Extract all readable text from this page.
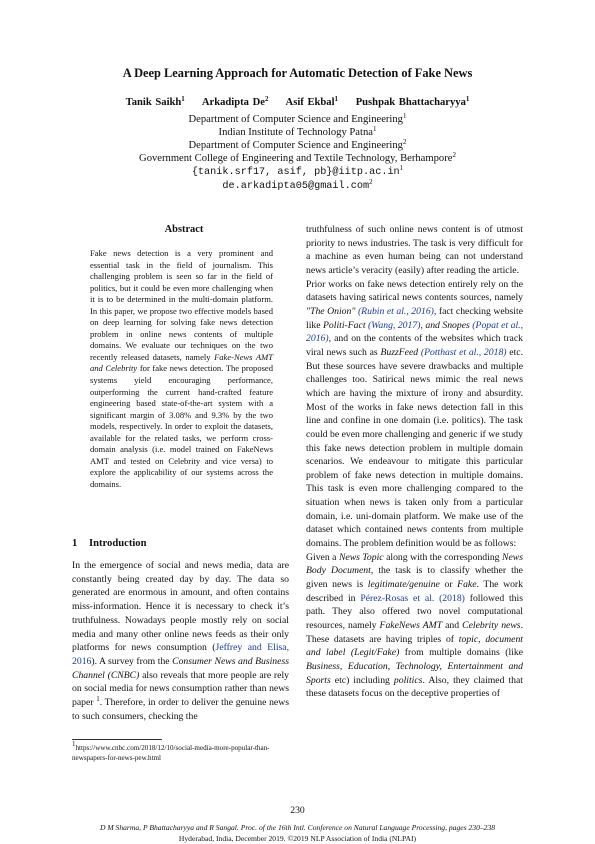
A Deep Learning Approach for Automatic Detection of Fake News
Tanik Saikh$^1$ Arkadipta De$^2$ Asif Ekbal$^1$ Pushpak Bhattacharyya$^1$
Department of Computer Science and Engineering$^1$
Indian Institute of Technology Patna$^1$
Department of Computer Science and Engineering$^2$
Government College of Engineering and Textile Technology, Berhampore$^2$
{tanik.srf17, asif, $pb\}@iitp.ac.in^1$
de.arkadipta05@gmail.com$^2$
Abstract
Fake news detection is a very prominent and essential task in the field of journalism. This challenging problem is seen so far in the field of politics, but it could be even more challenging when it is to be determined in the multi-domain platform. In this paper, we propose two effective models based on deep learning for solving fake news detection problem in online news contents of multiple domains. We evaluate our techniques on the two recently released datasets, namely Fake-News AMT and Celebrity for fake news detection. The proposed systems yield encouraging performance, outperforming the current hand-crafted feature engineering based state-of-the-art system with a significant margin of 3.08% and 9.3% by the two models, respectively. In order to exploit the datasets, available for the related tasks, we perform cross-domain analysis (i.e. model trained on FakeNews AMT and tested on Celebrity and vice versa) to explore the applicability of our systems across the domains.
1 Introduction
In the emergence of social and news media, data are constantly being created day by day. The data so generated are enormous in amount, and often contains miss-information. Hence it is necessary to check it’s truthfulness. Nowadays people mostly rely on social media and many other online news feeds as their only platforms for news consumption (Jeffrey and Elisa, 2016). A survey from the Consumer News and Business Channel (CNBC) also reveals that more people are rely on social media for news consumption rather than news paper $^1$. Therefore, in order to deliver the genuine news to such consumers, checking the
$^1$https://www.cnbc.com/2018/12/10/social-media-more-popular-than-newspapers-for-news-pew.html

truthfulness of such online news content is of utmost priority to news industries. The task is very difficult for a machine as even human being can not understand news article’s veracity (easily) after reading the article.

Prior works on fake news detection entirely rely on the datasets having satirical news contents sources, namely "The Onion" (Rubin et al., 2016), fact checking website like Politi-Fact (Wang, 2017), and Snopes (Popat et al., 2016), and on the contents of the websites which track viral news such as BuzzFeed (Potthast et al., 2018) etc. But these sources have severe drawbacks and multiple challenges too. Satirical news mimic the real news which are having the mixture of irony and absurdity. Most of the works in fake news detection fall in this line and confine in one domain (i.e. politics). The task could be even more challenging and generic if we study this fake news detection problem in multiple domain scenarios. We endeavour to mitigate this particular problem of fake news detection in multiple domains. This task is even more challenging compared to the situation when news is taken only from a particular domain, i.e. uni-domain platform. We make use of the dataset which contained news contents from multiple domains. The problem definition would be as follows:

Given a News Topic along with the corresponding News Body Document, the task is to classify whether the given news is legitimate/genuine or Fake. The work described in Pérez-Rosas et al. (2018) followed this path. They also offered two novel computational resources, namely FakeNews AMT and Celebrity news. These datasets are having triples of topic, document and label (Legit/Fake) from multiple domains (like Business, Education, Technology, Entertainment and Sports etc) including politics. Also, they claimed that these datasets focus on the deceptive properties of

230
D M Sharma, P Bhattacharyya and R Sangal. Proc. of the 16th Intl. Conference on Natural Language Processing, pages 230–238
Hyderabad, India, December 2019. ©2019 NLP Association of India (NLPAI)
